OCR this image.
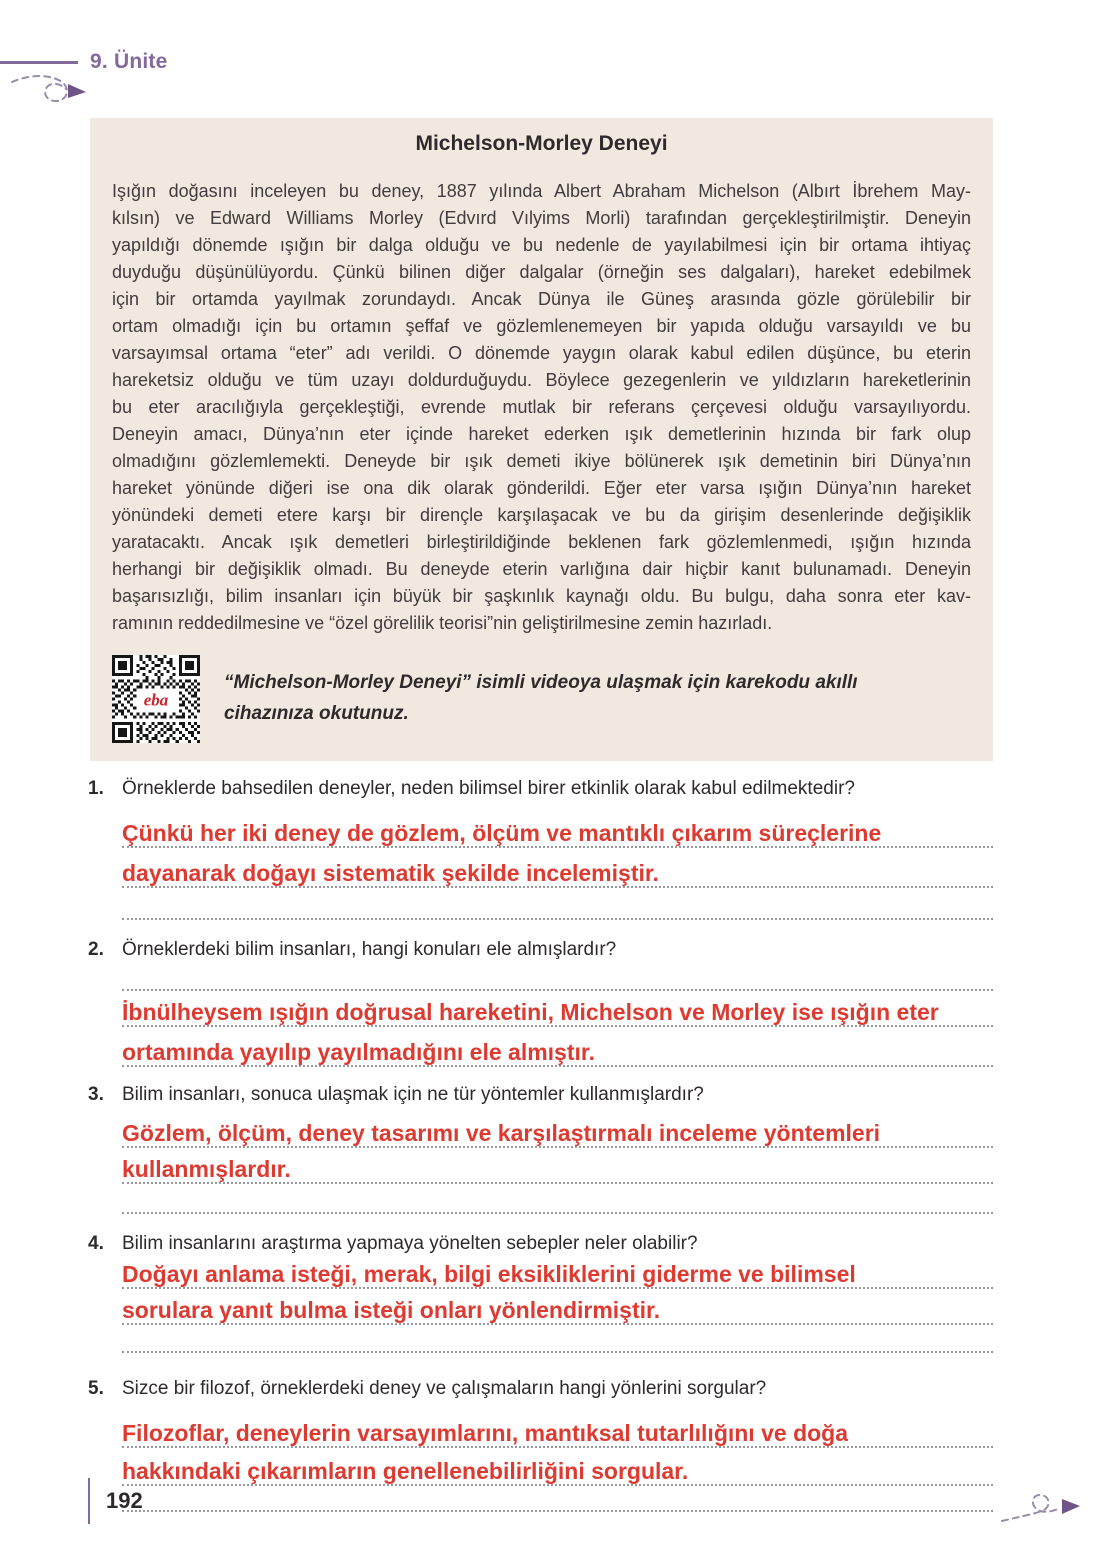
9. Ünite
Michelson-Morley Deneyi
Işığın doğasını inceleyen bu deney, 1887 yılında Albert Abraham Michelson (Albırt İbrehem May-
kılsın) ve Edward Williams Morley (Edvırd Vılyims Morli) tarafından gerçekleştirilmiştir. Deneyin
yapıldığı dönemde ışığın bir dalga olduğu ve bu nedenle de yayılabilmesi için bir ortama ihtiyaç
duyduğu düşünülüyordu. Çünkü bilinen diğer dalgalar (örneğin ses dalgaları), hareket edebilmek
için bir ortamda yayılmak zorundaydı. Ancak Dünya ile Güneş arasında gözle görülebilir bir
ortam olmadığı için bu ortamın şeffaf ve gözlemlenemeyen bir yapıda olduğu varsayıldı ve bu
varsayımsal ortama “eter” adı verildi. O dönemde yaygın olarak kabul edilen düşünce, bu eterin
hareketsiz olduğu ve tüm uzayı doldurduğuydu. Böylece gezegenlerin ve yıldızların hareketlerinin
bu eter aracılığıyla gerçekleştiği, evrende mutlak bir referans çerçevesi olduğu varsayılıyordu.
Deneyin amacı, Dünya’nın eter içinde hareket ederken ışık demetlerinin hızında bir fark olup
olmadığını gözlemlemekti. Deneyde bir ışık demeti ikiye bölünerek ışık demetinin biri Dünya’nın
hareket yönünde diğeri ise ona dik olarak gönderildi. Eğer eter varsa ışığın Dünya’nın hareket
yönündeki demeti etere karşı bir dirençle karşılaşacak ve bu da girişim desenlerinde değişiklik
yaratacaktı. Ancak ışık demetleri birleştirildiğinde beklenen fark gözlemlenmedi, ışığın hızında
herhangi bir değişiklik olmadı. Bu deneyde eterin varlığına dair hiçbir kanıt bulunamadı. Deneyin
başarısızlığı, bilim insanları için büyük bir şaşkınlık kaynağı oldu. Bu bulgu, daha sonra eter kav-
ramının reddedilmesine ve “özel görelilik teorisi”nin geliştirilmesine zemin hazırladı.
eba

“Michelson-Morley Deneyi” isimli videoya ulaşmak için karekodu akıllı cihazınıza okutunuz.

1. Örneklerde bahsedilen deneyler, neden bilimsel birer etkinlik olarak kabul edilmektedir?
Çünkü her iki deney de gözlem, ölçüm ve mantıklı çıkarım süreçlerine
dayanarak doğayı sistematik şekilde incelemiştir.
2. Örneklerdeki bilim insanları, hangi konuları ele almışlardır?
İbnülheysem ışığın doğrusal hareketini, Michelson ve Morley ise ışığın eter
ortamında yayılıp yayılmadığını ele almıştır.
3. Bilim insanları, sonuca ulaşmak için ne tür yöntemler kullanmışlardır?
Gözlem, ölçüm, deney tasarımı ve karşılaştırmalı inceleme yöntemleri
kullanmışlardır.
4. Bilim insanlarını araştırma yapmaya yönelten sebepler neler olabilir?
Doğayı anlama isteği, merak, bilgi eksikliklerini giderme ve bilimsel
sorulara yanıt bulma isteği onları yönlendirmiştir.
5. Sizce bir filozof, örneklerdeki deney ve çalışmaların hangi yönlerini sorgular?
Filozoflar, deneylerin varsayımlarını, mantıksal tutarlılığını ve doğa
hakkındaki çıkarımların genellenebilirliğini sorgular.
192
